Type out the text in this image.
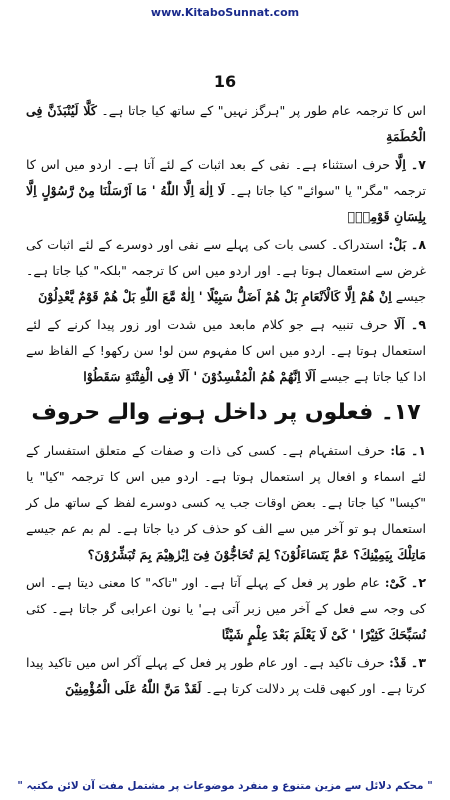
www.KitaboSunnat.com
16

اس کا ترجمہ عام طور پر "ہرگز نہیں" کے ساتھ کیا جاتا ہے۔ كَلَّا لَيُنْبَذَنَّ فِى الْحُطَمَةِ

۷۔ اِلَّا حرف استثناء ہے۔ نفی کے بعد اثبات کے لئے آتا ہے۔ اردو میں اس کا ترجمہ "مگر" یا "سوائے" کیا جاتا ہے۔ لَا اِلٰهَ اِلَّا اللّٰهُ ' مَا اَرْسَلْنَا مِنْ رَّسُوْلٍ اِلَّا بِلِسَانِ قَوْمِهٖ۔

۸۔ بَلْ: استدراک۔ کسی بات کی پہلے سے نفی اور دوسرے کے لئے اثبات کی غرض سے استعمال ہوتا ہے۔ اور اردو میں اس کا ترجمہ "بلکہ" کیا جاتا ہے۔ جیسے اِنْ هُمْ اِلَّا كَالْاَنْعَامِ بَلْ هُمْ اَضَلُّ سَبِيْلًا ' اِلٰهٌ مَّعَ اللّٰهِ بَلْ هُمْ قَوْمٌ يَّعْدِلُوْنَ

۹۔ اَلَا حرف تنبیہ ہے جو کلام مابعد میں شدت اور زور پیدا کرنے کے لئے استعمال ہوتا ہے۔ اردو میں اس کا مفہوم سن لو! سن رکھو! کے الفاظ سے ادا کیا جاتا ہے جیسے اَلَا اِنَّهُمْ هُمُ الْمُفْسِدُوْنَ ' اَلَا فِى الْفِتْنَةِ سَقَطُوْا

۱۷۔ فعلوں پر داخل ہونے والے حروف

۱۔ مَا: حرف استفہام ہے۔ کسی کی ذات و صفات کے متعلق استفسار کے لئے اسماء و افعال پر استعمال ہوتا ہے۔ اردو میں اس کا ترجمہ "کیا" یا "کیسا" کیا جاتا ہے۔ بعض اوقات جب یہ کسی دوسرے لفظ کے ساتھ مل کر استعمال ہو تو آخر میں سے الف کو حذف کر دیا جاتا ہے۔ لم بم عم جیسے مَاتِلْكَ بِيَمِيْنِكَ؟ عَمَّ يَتَسَاءَلُوْنَ؟ لِمَ تُحَاجُّوْنَ فِىٓ اِبْرٰهِيْمَ بِمَ تُبَشِّرُوْنَ؟

۲۔ كَىْ: عام طور پر فعل کے پہلے آتا ہے۔ اور "تاکہ" کا معنی دیتا ہے۔ اس کی وجہ سے فعل کے آخر میں زبر آتی ہے' یا نون اعرابی گر جاتا ہے۔ کئی نُسَبِّحَكَ كَثِيْرًا ' كَىْ لَا يَعْلَمَ بَعْدَ عِلْمٍ شَيْئًا

۳۔ قَدْ: حرف تاکید ہے۔ اور عام طور پر فعل کے پہلے آکر اس میں تاکید پیدا کرتا ہے۔ اور کبھی قلت پر دلالت کرتا ہے۔ لَقَدْ مَنَّ اللّٰهُ عَلَى الْمُؤْمِنِيْنَ

" محکم دلائل سے مزین متنوع و منفرد موضوعات پر مشتمل مفت آن لائن مکتبہ "
